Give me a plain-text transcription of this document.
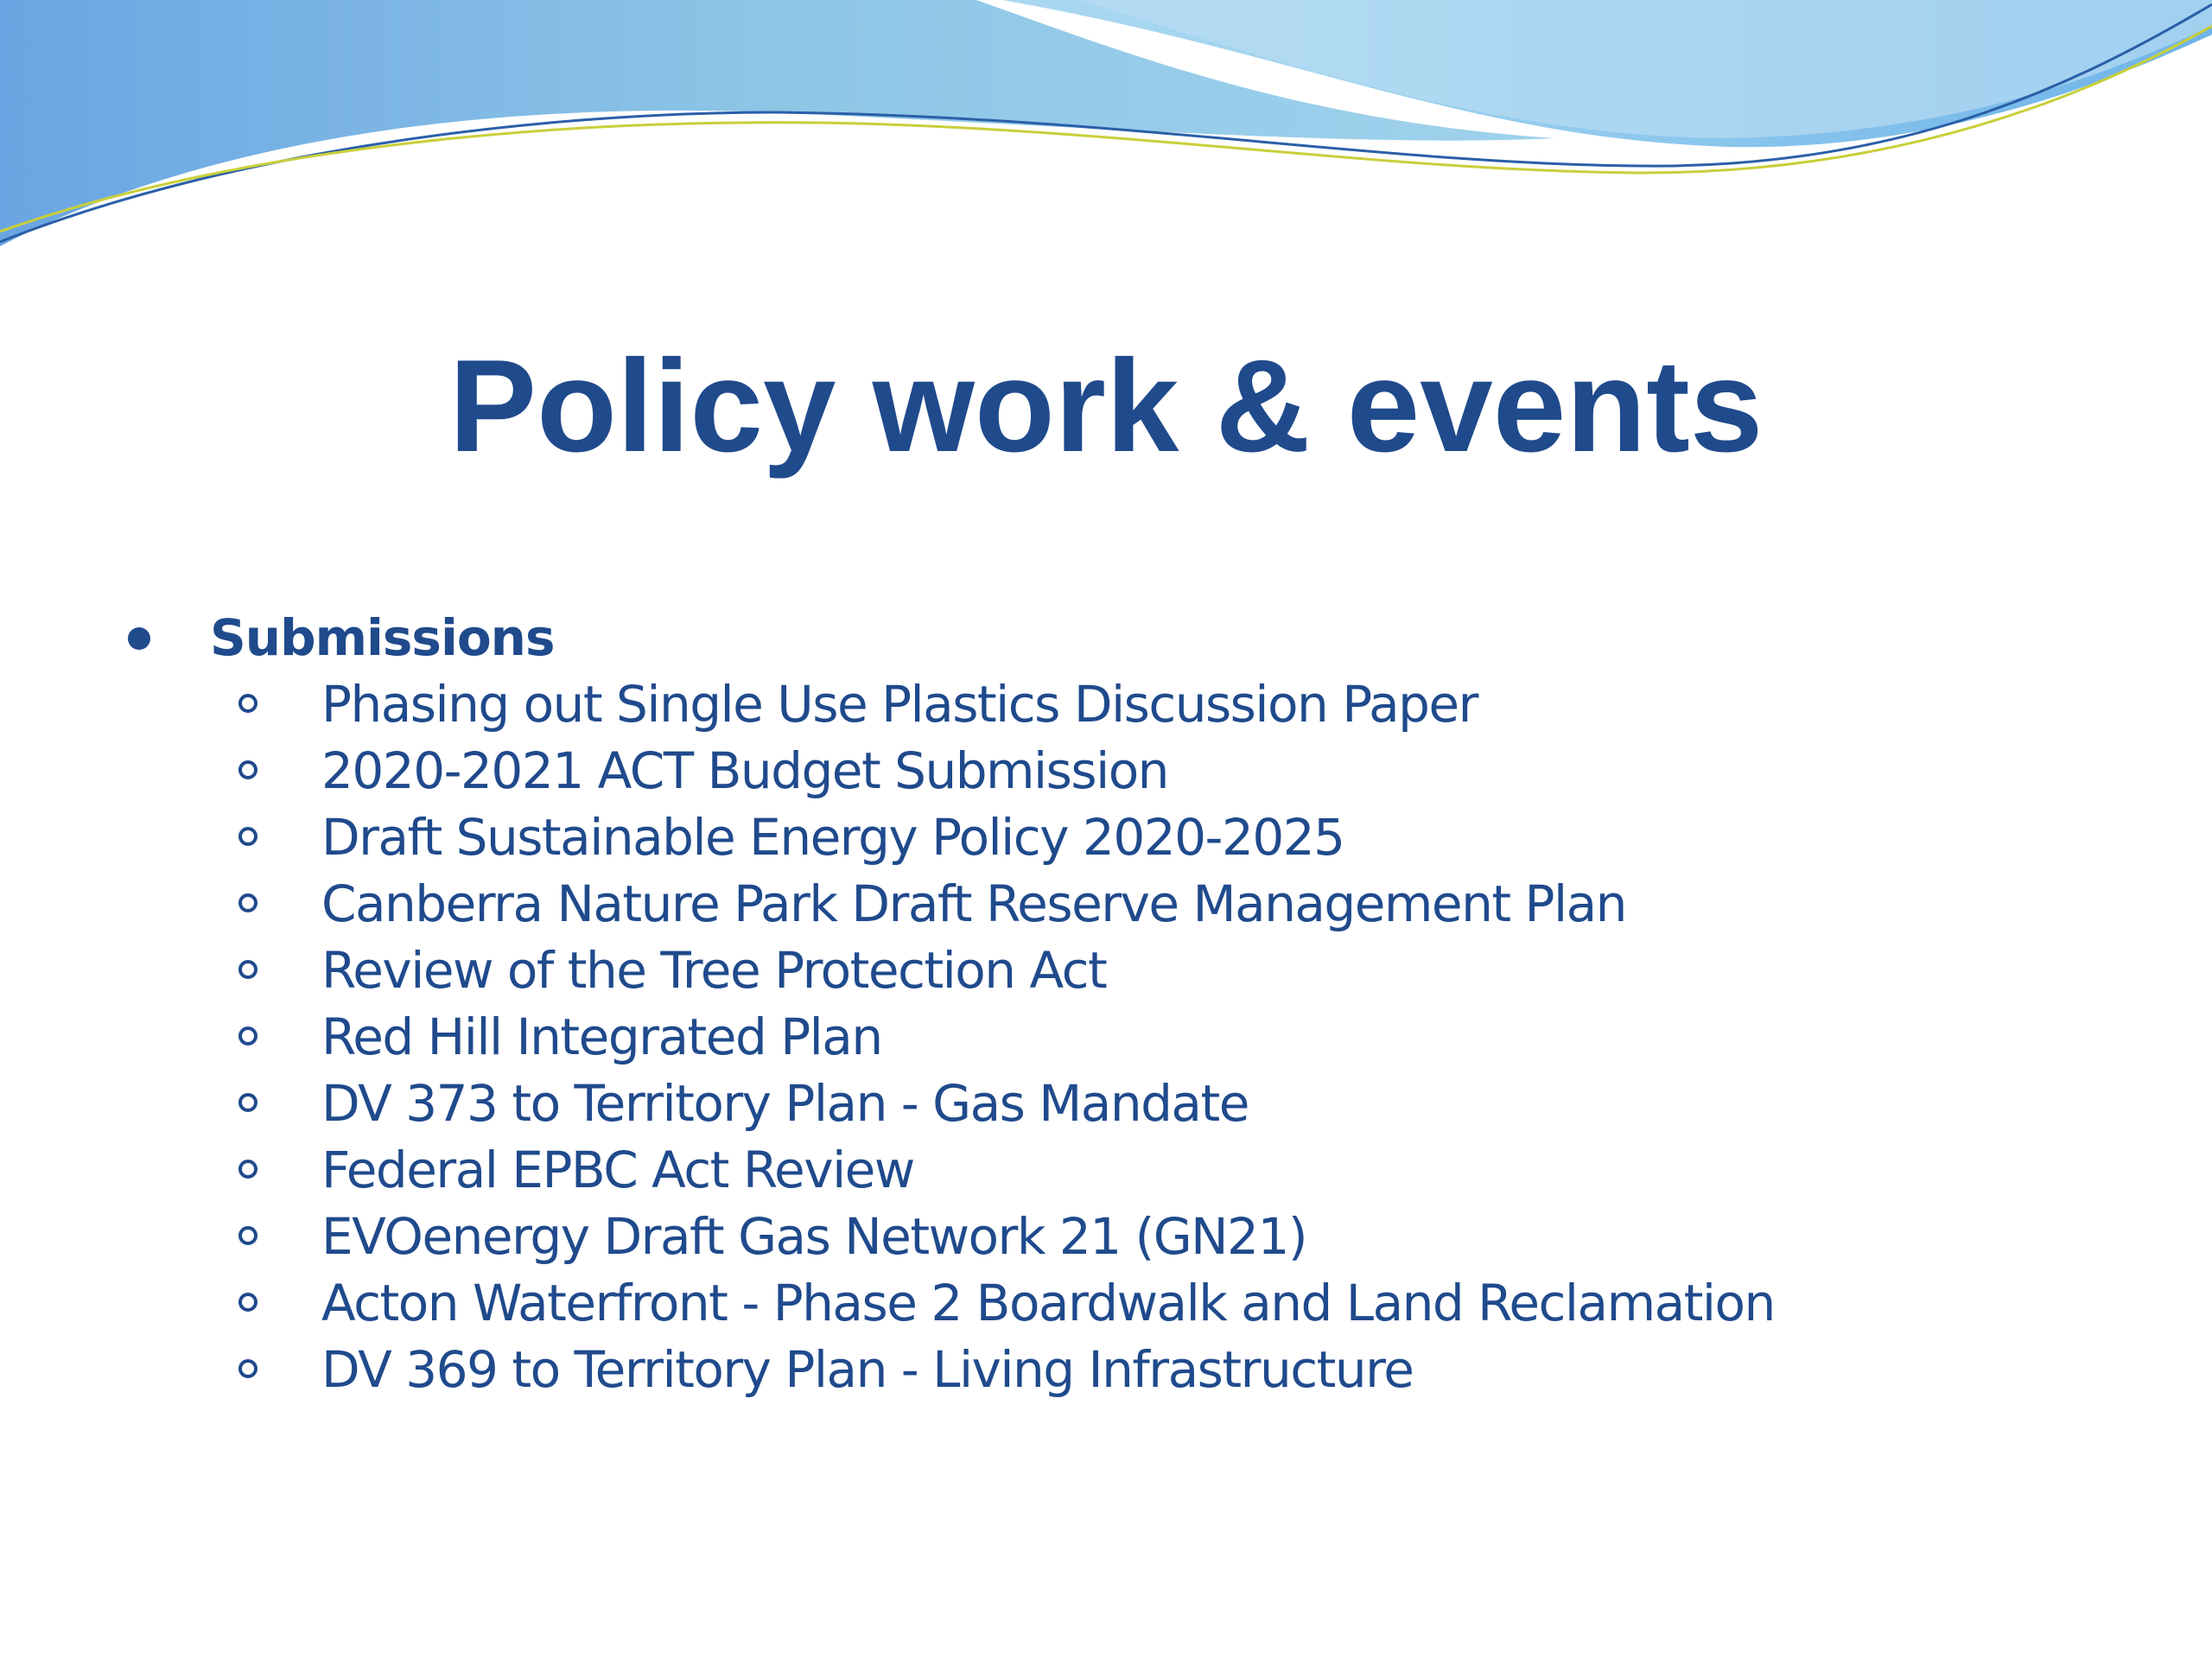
Policy work & events
Submissions
Phasing out Single Use Plastics Discussion Paper
2020-2021 ACT Budget Submission
Draft Sustainable Energy Policy 2020-2025
Canberra Nature Park Draft Reserve Management Plan
Review of the Tree Protection Act
Red Hill Integrated Plan
DV 373 to Territory Plan - Gas Mandate
Federal EPBC Act Review
EVOenergy Draft Gas Network 21 (GN21)
Acton Waterfront - Phase 2 Boardwalk and Land Reclamation
DV 369 to Territory Plan - Living Infrastructure
